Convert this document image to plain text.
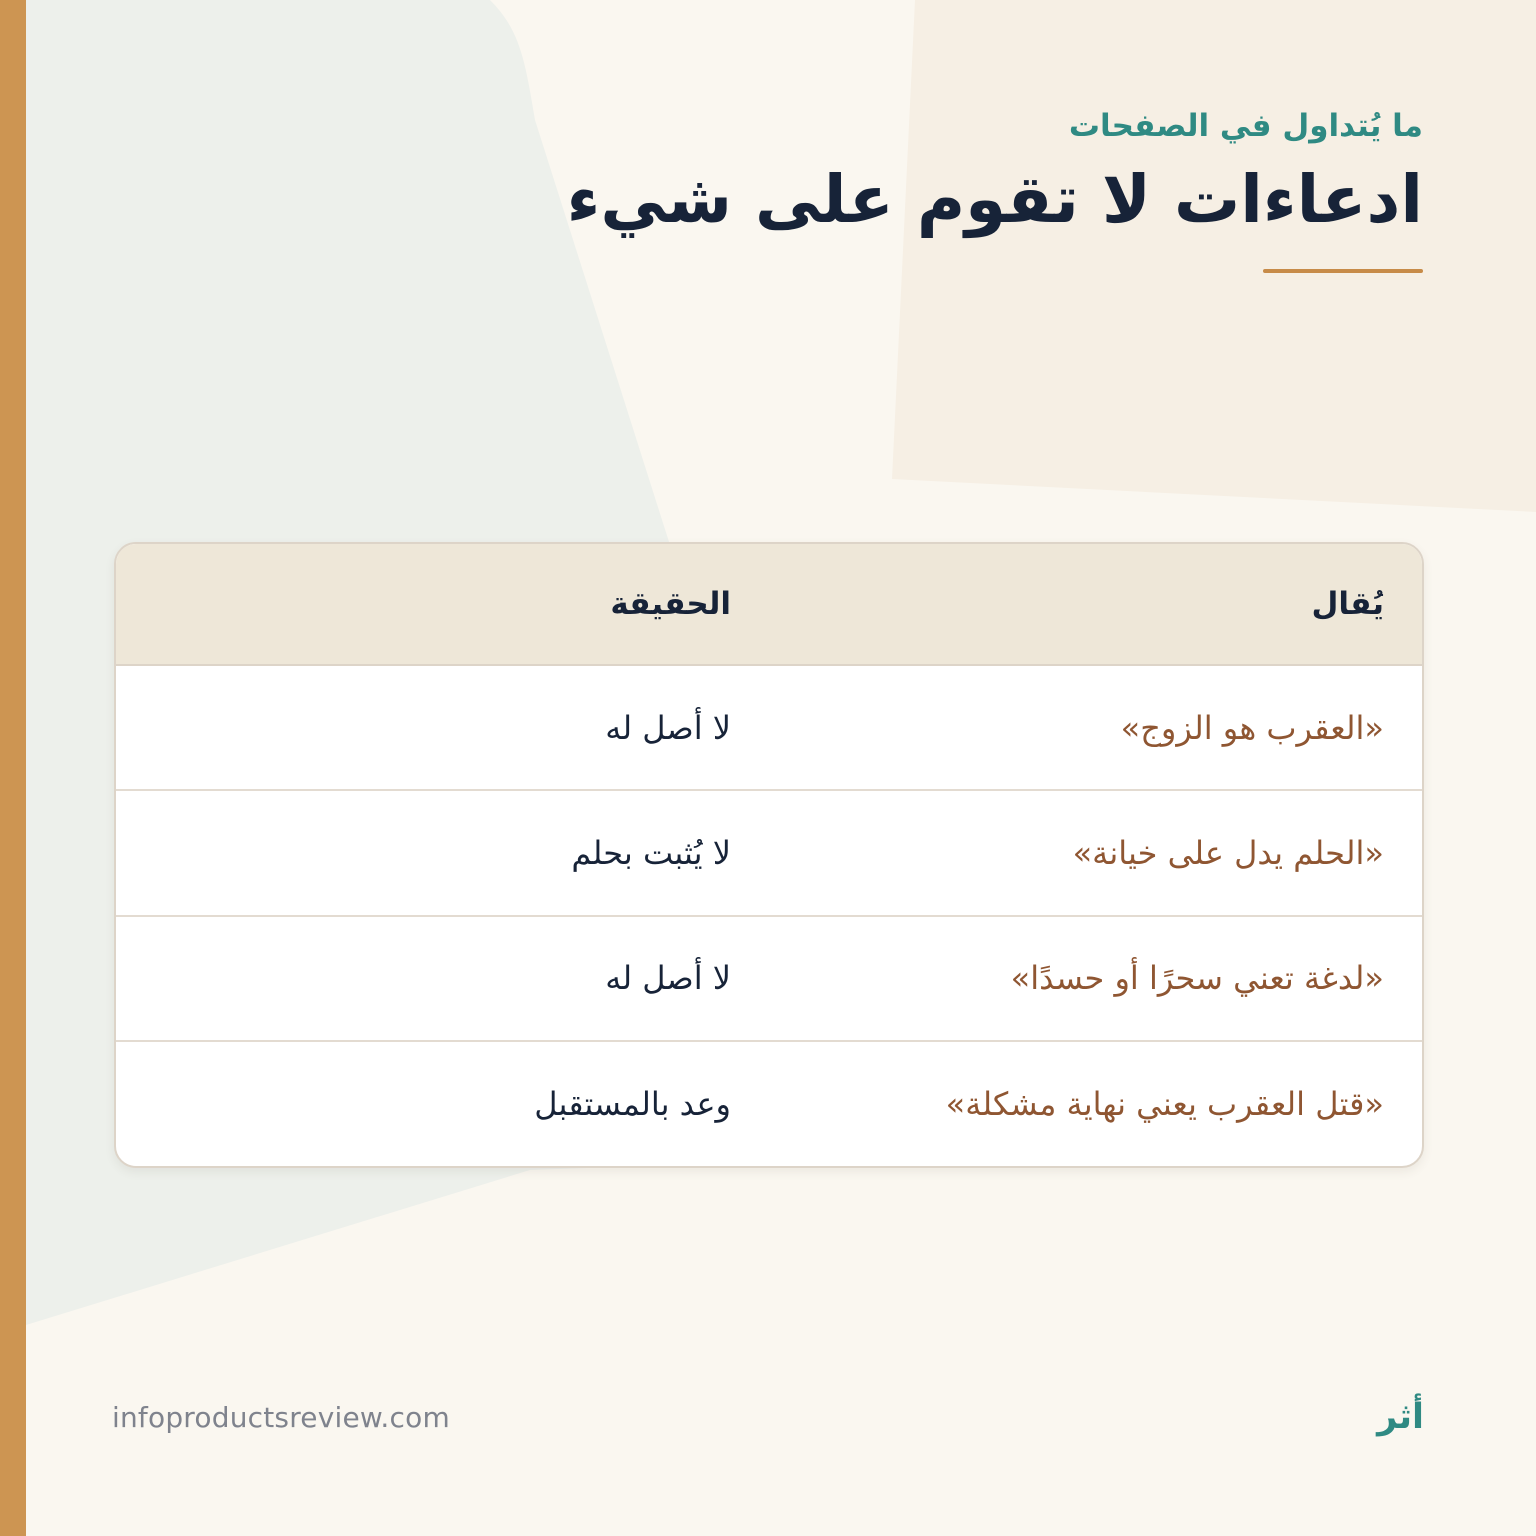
ما يُتداول في الصفحات
ادعاءات لا تقوم على شيء
يُقال	الحقيقة
«العقرب هو الزوج»	لا أصل له
«الحلم يدل على خيانة»	لا يُثبت بحلم
«لدغة تعني سحرًا أو حسدًا»	لا أصل له
«قتل العقرب يعني نهاية مشكلة»	وعد بالمستقبل
infoproductsreview.com	أثر
